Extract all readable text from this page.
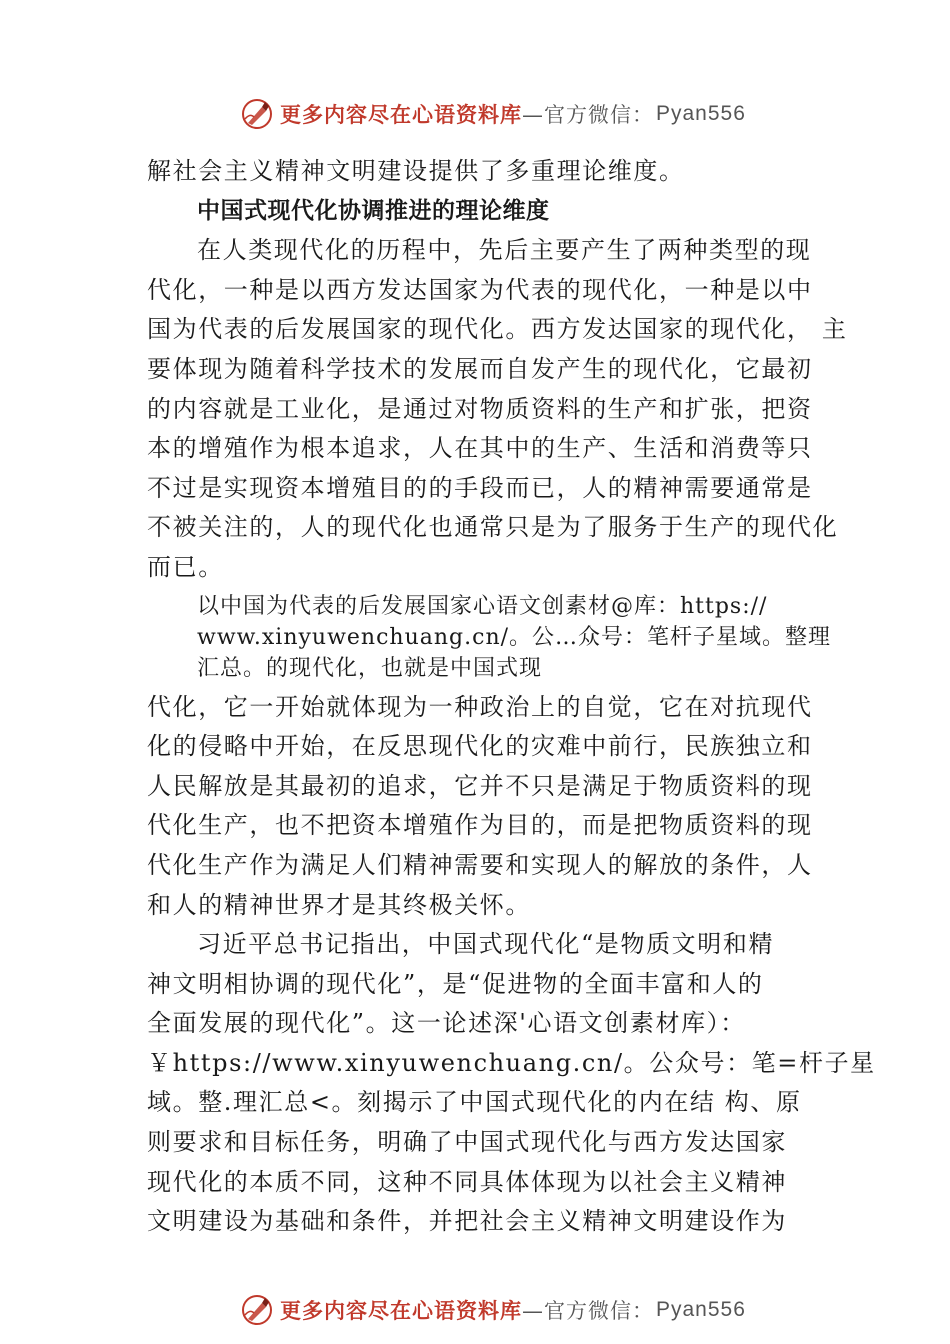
更多内容尽在心语资料库 —官方微信： Pyan556
解社会主义精神文明建设提供了多重理论维度。
中国式现代化协调推进的理论维度
在人类现代化的历程中，先后主要产生了两种类型的现
代化，一种是以西方发达国家为代表的现代化，一种是以中
国为代表的后发展国家的现代化。西方发达国家的现代化， 主
要体现为随着科学技术的发展而自发产生的现代化，它最初
的内容就是工业化，是通过对物质资料的生产和扩张，把资
本的增殖作为根本追求，人在其中的生产、生活和消费等只
不过是实现资本增殖目的的手段而已，人的精神需要通常是
不被关注的，人的现代化也通常只是为了服务于生产的现代化
而已。
以中国为代表的后发展国家心语文创素材@库：https://
www.xinyuwenchuang.cn/。公…众号：笔杆子星域。整理
汇总。的现代化，也就是中国式现
代化，它一开始就体现为一种政治上的自觉，它在对抗现代
化的侵略中开始，在反思现代化的灾难中前行，民族独立和
人民解放是其最初的追求，它并不只是满足于物质资料的现
代化生产，也不把资本增殖作为目的，而是把物质资料的现
代化生产作为满足人们精神需要和实现人的解放的条件，人
和人的精神世界才是其终极关怀。
习近平总书记指出，中国式现代化“是物质文明和精
神文明相协调的现代化”，是“促进物的全面丰富和人的
全面发展的现代化”。这一论述深'心语文创素材库）：
￥https://www.xinyuwenchuang.cn/。公众号：笔=杆子星
域。整.理汇总<。刻揭示了中国式现代化的内在结 构、原
则要求和目标任务，明确了中国式现代化与西方发达国家
现代化的本质不同，这种不同具体体现为以社会主义精神
文明建设为基础和条件，并把社会主义精神文明建设作为
更多内容尽在心语资料库 —官方微信： Pyan556
